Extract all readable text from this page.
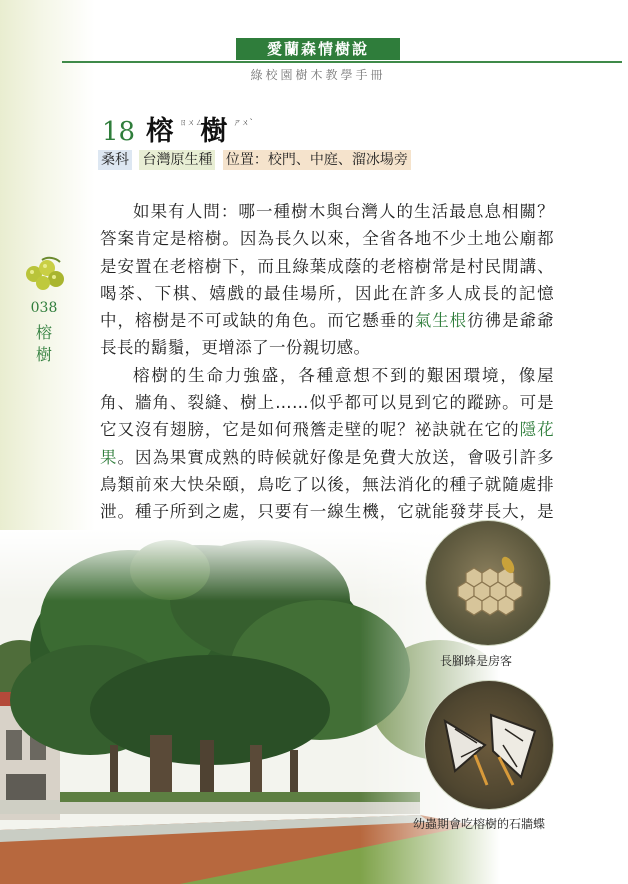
愛蘭森情樹說
綠校園樹木教學手冊
038
榕樹
18 榕 ㄖㄨㄥˊ 樹 ㄕㄨˋ
桑科 台灣原生種 位置：校門、中庭、溜冰場旁

如果有人問：哪一種樹木與台灣人的生活最息息相關？答案肯定是榕樹。因為長久以來，全省各地不少土地公廟都是安置在老榕樹下，而且綠葉成蔭的老榕樹常是村民閒講、喝茶、下棋、嬉戲的最佳場所，因此在許多人成長的記憶中，榕樹是不可或缺的角色。而它懸垂的氣生根彷彿是爺爺長長的鬍鬚，更增添了一份親切感。

榕樹的生命力強盛，各種意想不到的艱困環境，像屋角、牆角、裂縫、樹上……似乎都可以見到它的蹤跡。可是它又沒有翅膀，它是如何飛簷走壁的呢？祕訣就在它的隱花果。因為果實成熟的時候就好像是免費大放送，會吸引許多鳥類前來大快朵頤，鳥吃了以後，無法消化的種子就隨處排泄。種子所到之處，只要有一線生機，它就能發芽長大，是

長腳蜂是房客
幼蟲期會吃榕樹的石牆蝶
